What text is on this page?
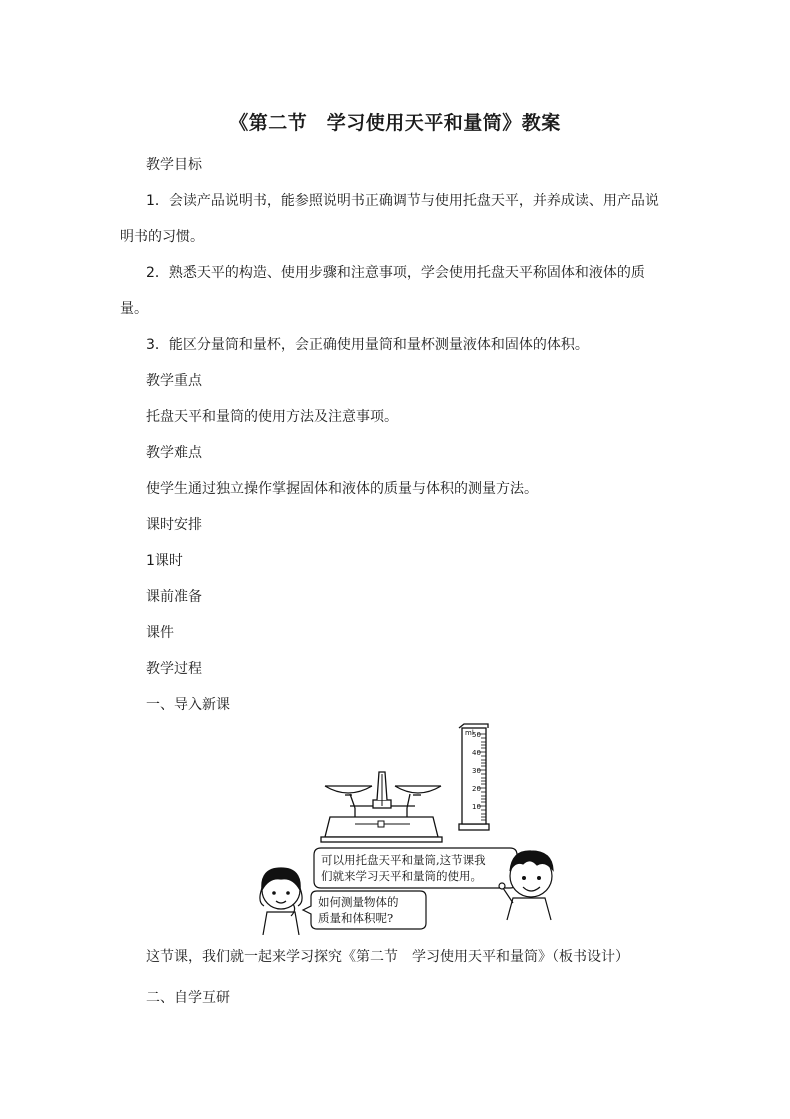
《第二节　学习使用天平和量筒》教案
教学目标
1．会读产品说明书，能参照说明书正确调节与使用托盘天平，并养成读、用产品说
明书的习惯。
2．熟悉天平的构造、使用步骤和注意事项，学会使用托盘天平称固体和液体的质
量。
3．能区分量筒和量杯，会正确使用量筒和量杯测量液体和固体的体积。
教学重点
托盘天平和量筒的使用方法及注意事项。
教学难点
使学生通过独立操作掌握固体和液体的质量与体积的测量方法。
课时安排
1课时
课前准备
课件
教学过程
一、导入新课
ml
50
40
30
20
10
可以用托盘天平和量筒,这节课我
们就来学习天平和量筒的使用。
如何测量物体的
质量和体积呢?
这节课，我们就一起来学习探究《第二节　学习使用天平和量筒》（板书设计）
二、自学互研
